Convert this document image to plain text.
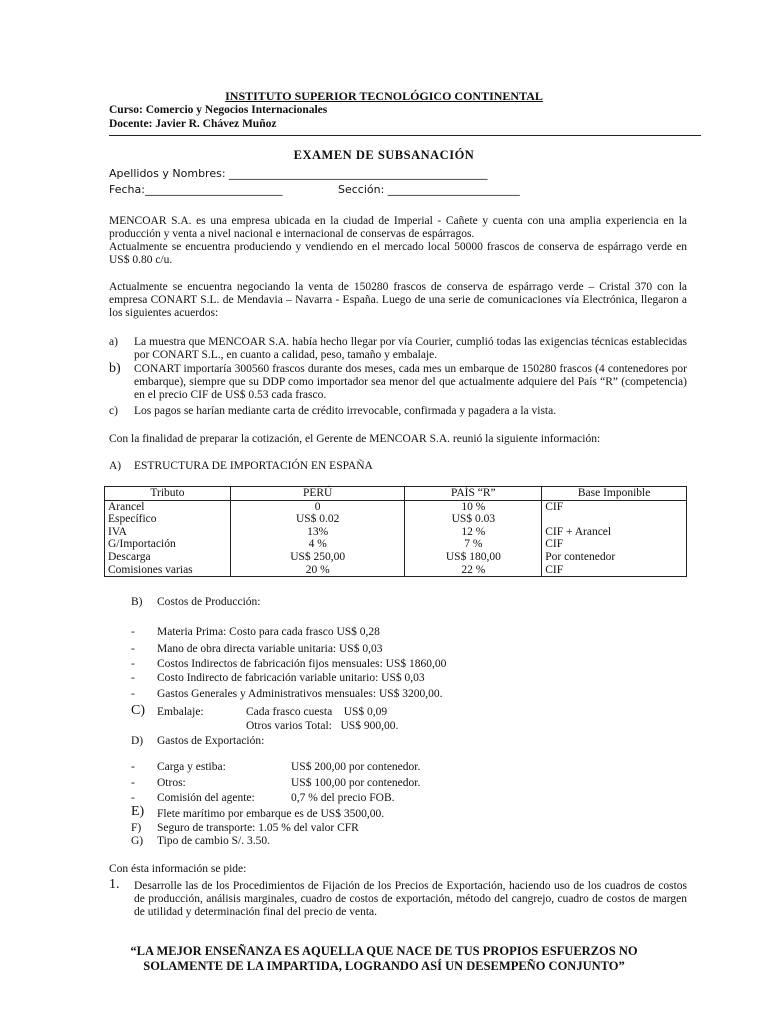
INSTITUTO SUPERIOR TECNOLÓGICO CONTINENTAL
Curso: Comercio y Negocios Internacionales
Docente: Javier R. Chávez Muñoz
EXAMEN DE SUBSANACIÓN
Apellidos y Nombres: _______________________________________________
Fecha:_________________________	Sección: ________________________
MENCOAR S.A. es una empresa ubicada en la ciudad de Imperial - Cañete y cuenta con una amplia experiencia en la producción y venta a nivel nacional e internacional de conservas de espárragos.
Actualmente se encuentra produciendo y vendiendo en el mercado local 50000 frascos de conserva de espárrago verde en US$ 0.80 c/u.
Actualmente se encuentra negociando la venta de 150280 frascos de conserva de espárrago verde – Cristal 370 con la empresa CONART S.L. de Mendavia – Navarra - España. Luego de una serie de comunicaciones vía Electrónica, llegaron a los siguientes acuerdos:
a) La muestra que MENCOAR S.A. había hecho llegar por vía Courier, cumplió todas las exigencias técnicas establecidas por CONART S.L., en cuanto a calidad, peso, tamaño y embalaje.
b) CONART importaría 300560 frascos durante dos meses, cada mes un embarque de 150280 frascos (4 contenedores por embarque), siempre que su DDP como importador sea menor del que actualmente adquiere del País “R” (competencia) en el precio CIF de US$ 0.53 cada frasco.
c) Los pagos se harían mediante carta de crédito irrevocable, confirmada y pagadera a la vista.
Con la finalidad de preparar la cotización, el Gerente de MENCOAR S.A. reunió la siguiente información:
A) ESTRUCTURA DE IMPORTACIÓN EN ESPAÑA
Tributo	PERÚ	PAÍS “R”	Base Imponible
Arancel	0	10 %	CIF
Específico	US$ 0.02	US$ 0.03	
IVA	13%	12 %	CIF + Arancel
G/Importación	4 %	7 %	CIF
Descarga	US$ 250,00	US$ 180,00	Por contenedor
Comisiones varias	20 %	22 %	CIF
B) Costos de Producción:
- Materia Prima: Costo para cada frasco US$ 0,28
- Mano de obra directa variable unitaria: US$ 0,03
- Costos Indirectos de fabricación fijos mensuales: US$ 1860,00
- Costo Indirecto de fabricación variable unitario: US$ 0,03
- Gastos Generales y Administrativos mensuales: US$ 3200,00.
C) Embalaje:	Cada frasco cuesta    US$ 0,09
Otros varios Total:   US$ 900,00.
D) Gastos de Exportación:
- Carga y estiba:	US$ 200,00 por contenedor.
- Otros:	US$ 100,00 por contenedor.
- Comisión del agente:	0,7 % del precio FOB.
E) Flete marítimo por embarque es de US$ 3500,00.
F) Seguro de transporte: 1.05 % del valor CFR
G) Tipo de cambio S/. 3.50.
Con ésta información se pide:
1. Desarrolle las de los Procedimientos de Fijación de los Precios de Exportación, haciendo uso de los cuadros de costos de producción, análisis marginales, cuadro de costos de exportación, método del cangrejo, cuadro de costos de margen de utilidad y determinación final del precio de venta.
“LA MEJOR ENSEÑANZA ES AQUELLA QUE NACE DE TUS PROPIOS ESFUERZOS NO
SOLAMENTE DE LA IMPARTIDA, LOGRANDO ASÍ UN DESEMPEÑO CONJUNTO”
